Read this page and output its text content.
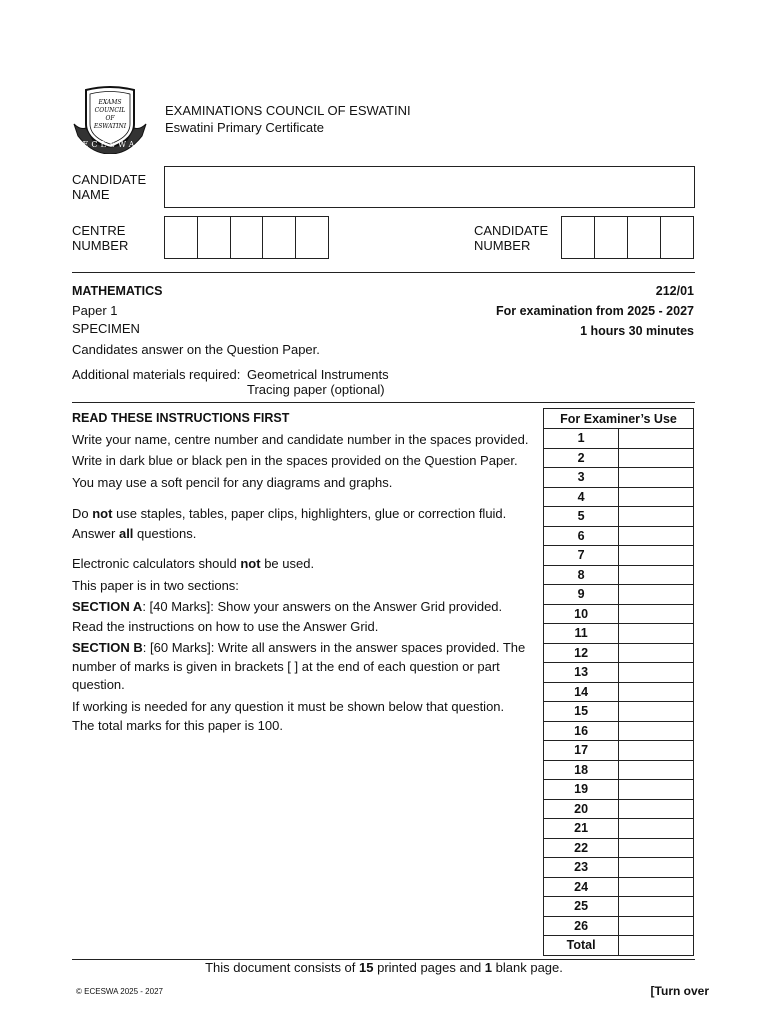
EXAMS
COUNCIL
OF
ESWATINI
ECESWA
EXAMINATIONS COUNCIL OF ESWATINI
Eswatini Primary Certificate
CANDIDATE NAME
CENTRE NUMBER
CANDIDATE NUMBER
MATHEMATICS	212/01
Paper 1	For examination from 2025 - 2027
SPECIMEN	1 hours 30 minutes
Candidates answer on the Question Paper.
Additional materials required: Geometrical Instruments
Tracing paper (optional)

READ THESE INSTRUCTIONS FIRST

Write your name, centre number and candidate number in the spaces provided.

Write in dark blue or black pen in the spaces provided on the Question Paper.

You may use a soft pencil for any diagrams and graphs.

Do not use staples, tables, paper clips, highlighters, glue or correction fluid.

Answer all questions.

Electronic calculators should not be used.

This paper is in two sections:

SECTION A: [40 Marks]: Show your answers on the Answer Grid provided.

Read the instructions on how to use the Answer Grid.

SECTION B: [60 Marks]: Write all answers in the answer spaces provided. The number of marks is given in brackets [ ] at the end of each question or part question.

If working is needed for any question it must be shown below that question.

The total marks for this paper is 100.

For Examiner’s Use	
1	
2	
3	
4	
5	
6	
7	
8	
9	
10	
11	
12	
13	
14	
15	
16	
17	
18	
19	
20	
21	
22	
23	
24	
25	
26	
Total	
This document consists of 15 printed pages and 1 blank page.
© ECESWA 2025 - 2027	[Turn over
